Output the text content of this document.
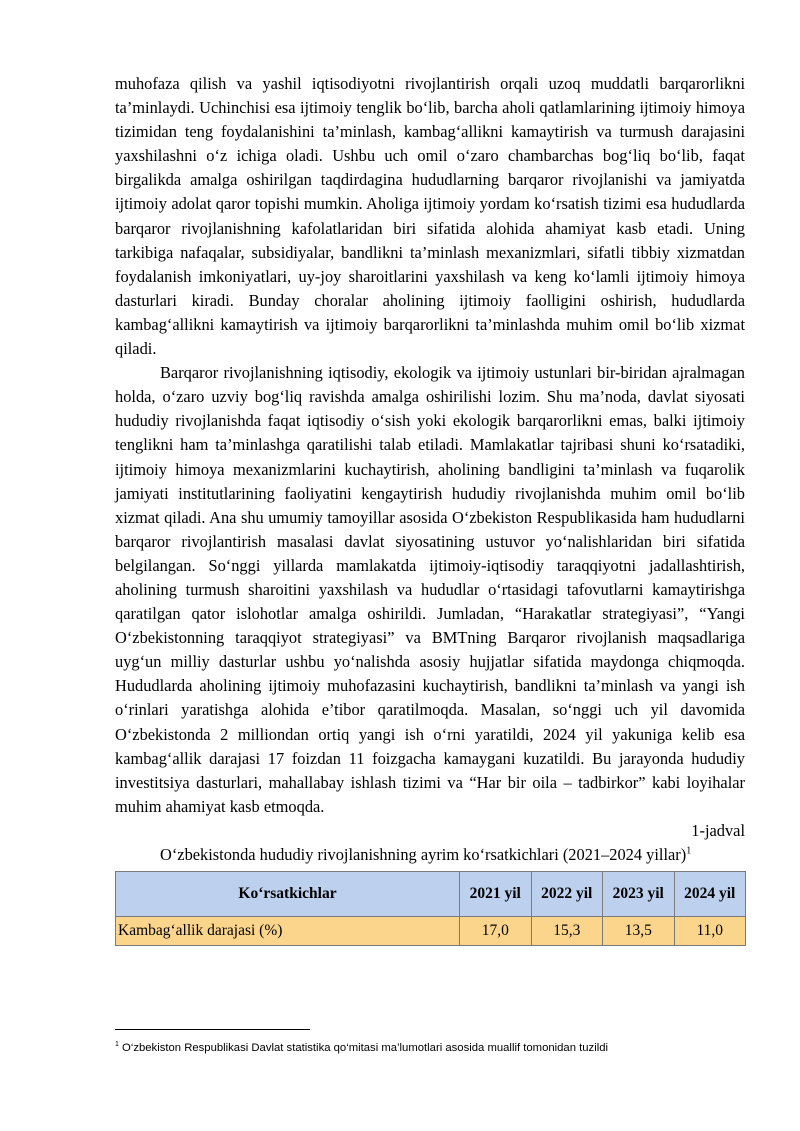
muhofaza qilish va yashil iqtisodiyotni rivojlantirish orqali uzoq muddatli barqarorlikni ta’minlaydi. Uchinchisi esa ijtimoiy tenglik bo‘lib, barcha aholi qatlamlarining ijtimoiy himoya tizimidan teng foydalanishini ta’minlash, kambag‘allikni kamaytirish va turmush darajasini yaxshilashni o‘z ichiga oladi. Ushbu uch omil o‘zaro chambarchas bog‘liq bo‘lib, faqat birgalikda amalga oshirilgan taqdirdagina hududlarning barqaror rivojlanishi va jamiyatda ijtimoiy adolat qaror topishi mumkin. Aholiga ijtimoiy yordam ko‘rsatish tizimi esa hududlarda barqaror rivojlanishning kafolatlaridan biri sifatida alohida ahamiyat kasb etadi. Uning tarkibiga nafaqalar, subsidiyalar, bandlikni ta’minlash mexanizmlari, sifatli tibbiy xizmatdan foydalanish imkoniyatlari, uy-joy sharoitlarini yaxshilash va keng ko‘lamli ijtimoiy himoya dasturlari kiradi. Bunday choralar aholining ijtimoiy faolligini oshirish, hududlarda kambag‘allikni kamaytirish va ijtimoiy barqarorlikni ta’minlashda muhim omil bo‘lib xizmat qiladi.

Barqaror rivojlanishning iqtisodiy, ekologik va ijtimoiy ustunlari bir-biridan ajralmagan holda, o‘zaro uzviy bog‘liq ravishda amalga oshirilishi lozim. Shu ma’noda, davlat siyosati hududiy rivojlanishda faqat iqtisodiy o‘sish yoki ekologik barqarorlikni emas, balki ijtimoiy tenglikni ham ta’minlashga qaratilishi talab etiladi. Mamlakatlar tajribasi shuni ko‘rsatadiki, ijtimoiy himoya mexanizmlarini kuchaytirish, aholining bandligini ta’minlash va fuqarolik jamiyati institutlarining faoliyatini kengaytirish hududiy rivojlanishda muhim omil bo‘lib xizmat qiladi. Ana shu umumiy tamoyillar asosida O‘zbekiston Respublikasida ham hududlarni barqaror rivojlantirish masalasi davlat siyosatining ustuvor yo‘nalishlaridan biri sifatida belgilangan. So‘nggi yillarda mamlakatda ijtimoiy-iqtisodiy taraqqiyotni jadallashtirish, aholining turmush sharoitini yaxshilash va hududlar o‘rtasidagi tafovutlarni kamaytirishga qaratilgan qator islohotlar amalga oshirildi. Jumladan, “Harakatlar strategiyasi”, “Yangi O‘zbekistonning taraqqiyot strategiyasi” va BMTning Barqaror rivojlanish maqsadlariga uyg‘un milliy dasturlar ushbu yo‘nalishda asosiy hujjatlar sifatida maydonga chiqmoqda. Hududlarda aholining ijtimoiy muhofazasini kuchaytirish, bandlikni ta’minlash va yangi ish o‘rinlari yaratishga alohida e’tibor qaratilmoqda. Masalan, so‘nggi uch yil davomida O‘zbekistonda 2 milliondan ortiq yangi ish o‘rni yaratildi, 2024 yil yakuniga kelib esa kambag‘allik darajasi 17 foizdan 11 foizgacha kamaygani kuzatildi. Bu jarayonda hududiy investitsiya dasturlari, mahallabay ishlash tizimi va “Har bir oila – tadbirkor” kabi loyihalar muhim ahamiyat kasb etmoqda.

1-jadval

O‘zbekistonda hududiy rivojlanishning ayrim ko‘rsatkichlari (2021–2024 yillar)$^1$

Ko‘rsatkichlar	2021 yil	2022 yil	2023 yil	2024 yil
Kambag‘allik darajasi (%)	17,0	15,3	13,5	11,0
$^1$ O‘zbekiston Respublikasi Davlat statistika qo‘mitasi ma’lumotlari asosida muallif tomonidan tuzildi
